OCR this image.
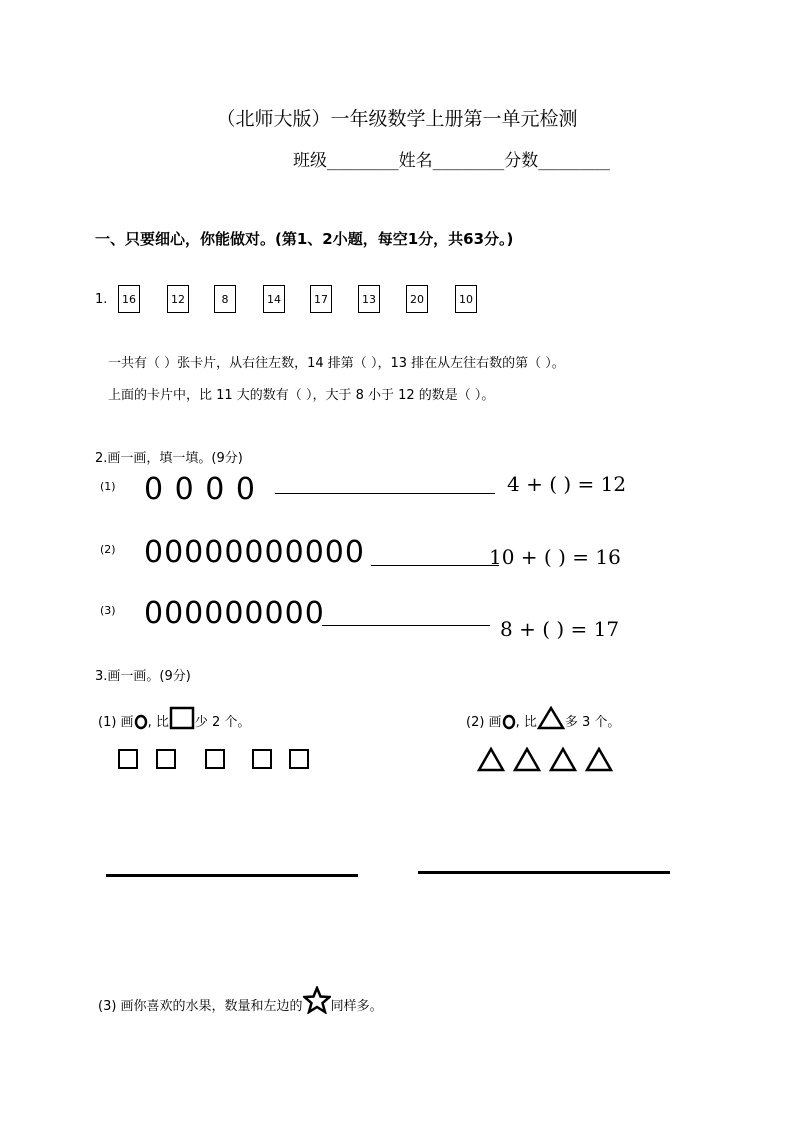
（北师大版）一年级数学上册第一单元检测
班级_______姓名_______分数_______
一、只要细心，你能做对。(第1、2小题，每空1分，共63分。)
1.	16	12	8	14	17	13	20	10
一共有（ ）张卡片，从右往左数，14 排第（ ），13 排在从左往右数的第（ ）。
上面的卡片中，比 11 大的数有（ ），大于 8 小于 12 的数是（ ）。
2.画一画，填一填。(9分)
(1) 0 0 0 0	4 + ( ) = 12
(2) 00000000000	10 + ( ) = 16
(3) 000000000	8 + ( ) = 17
3.画一画。(9分)
(1) 画 , 比 少 2 个。	(2) 画 , 比 多 3 个。
(3) 画你喜欢的水果，数量和左边的 同样多。
